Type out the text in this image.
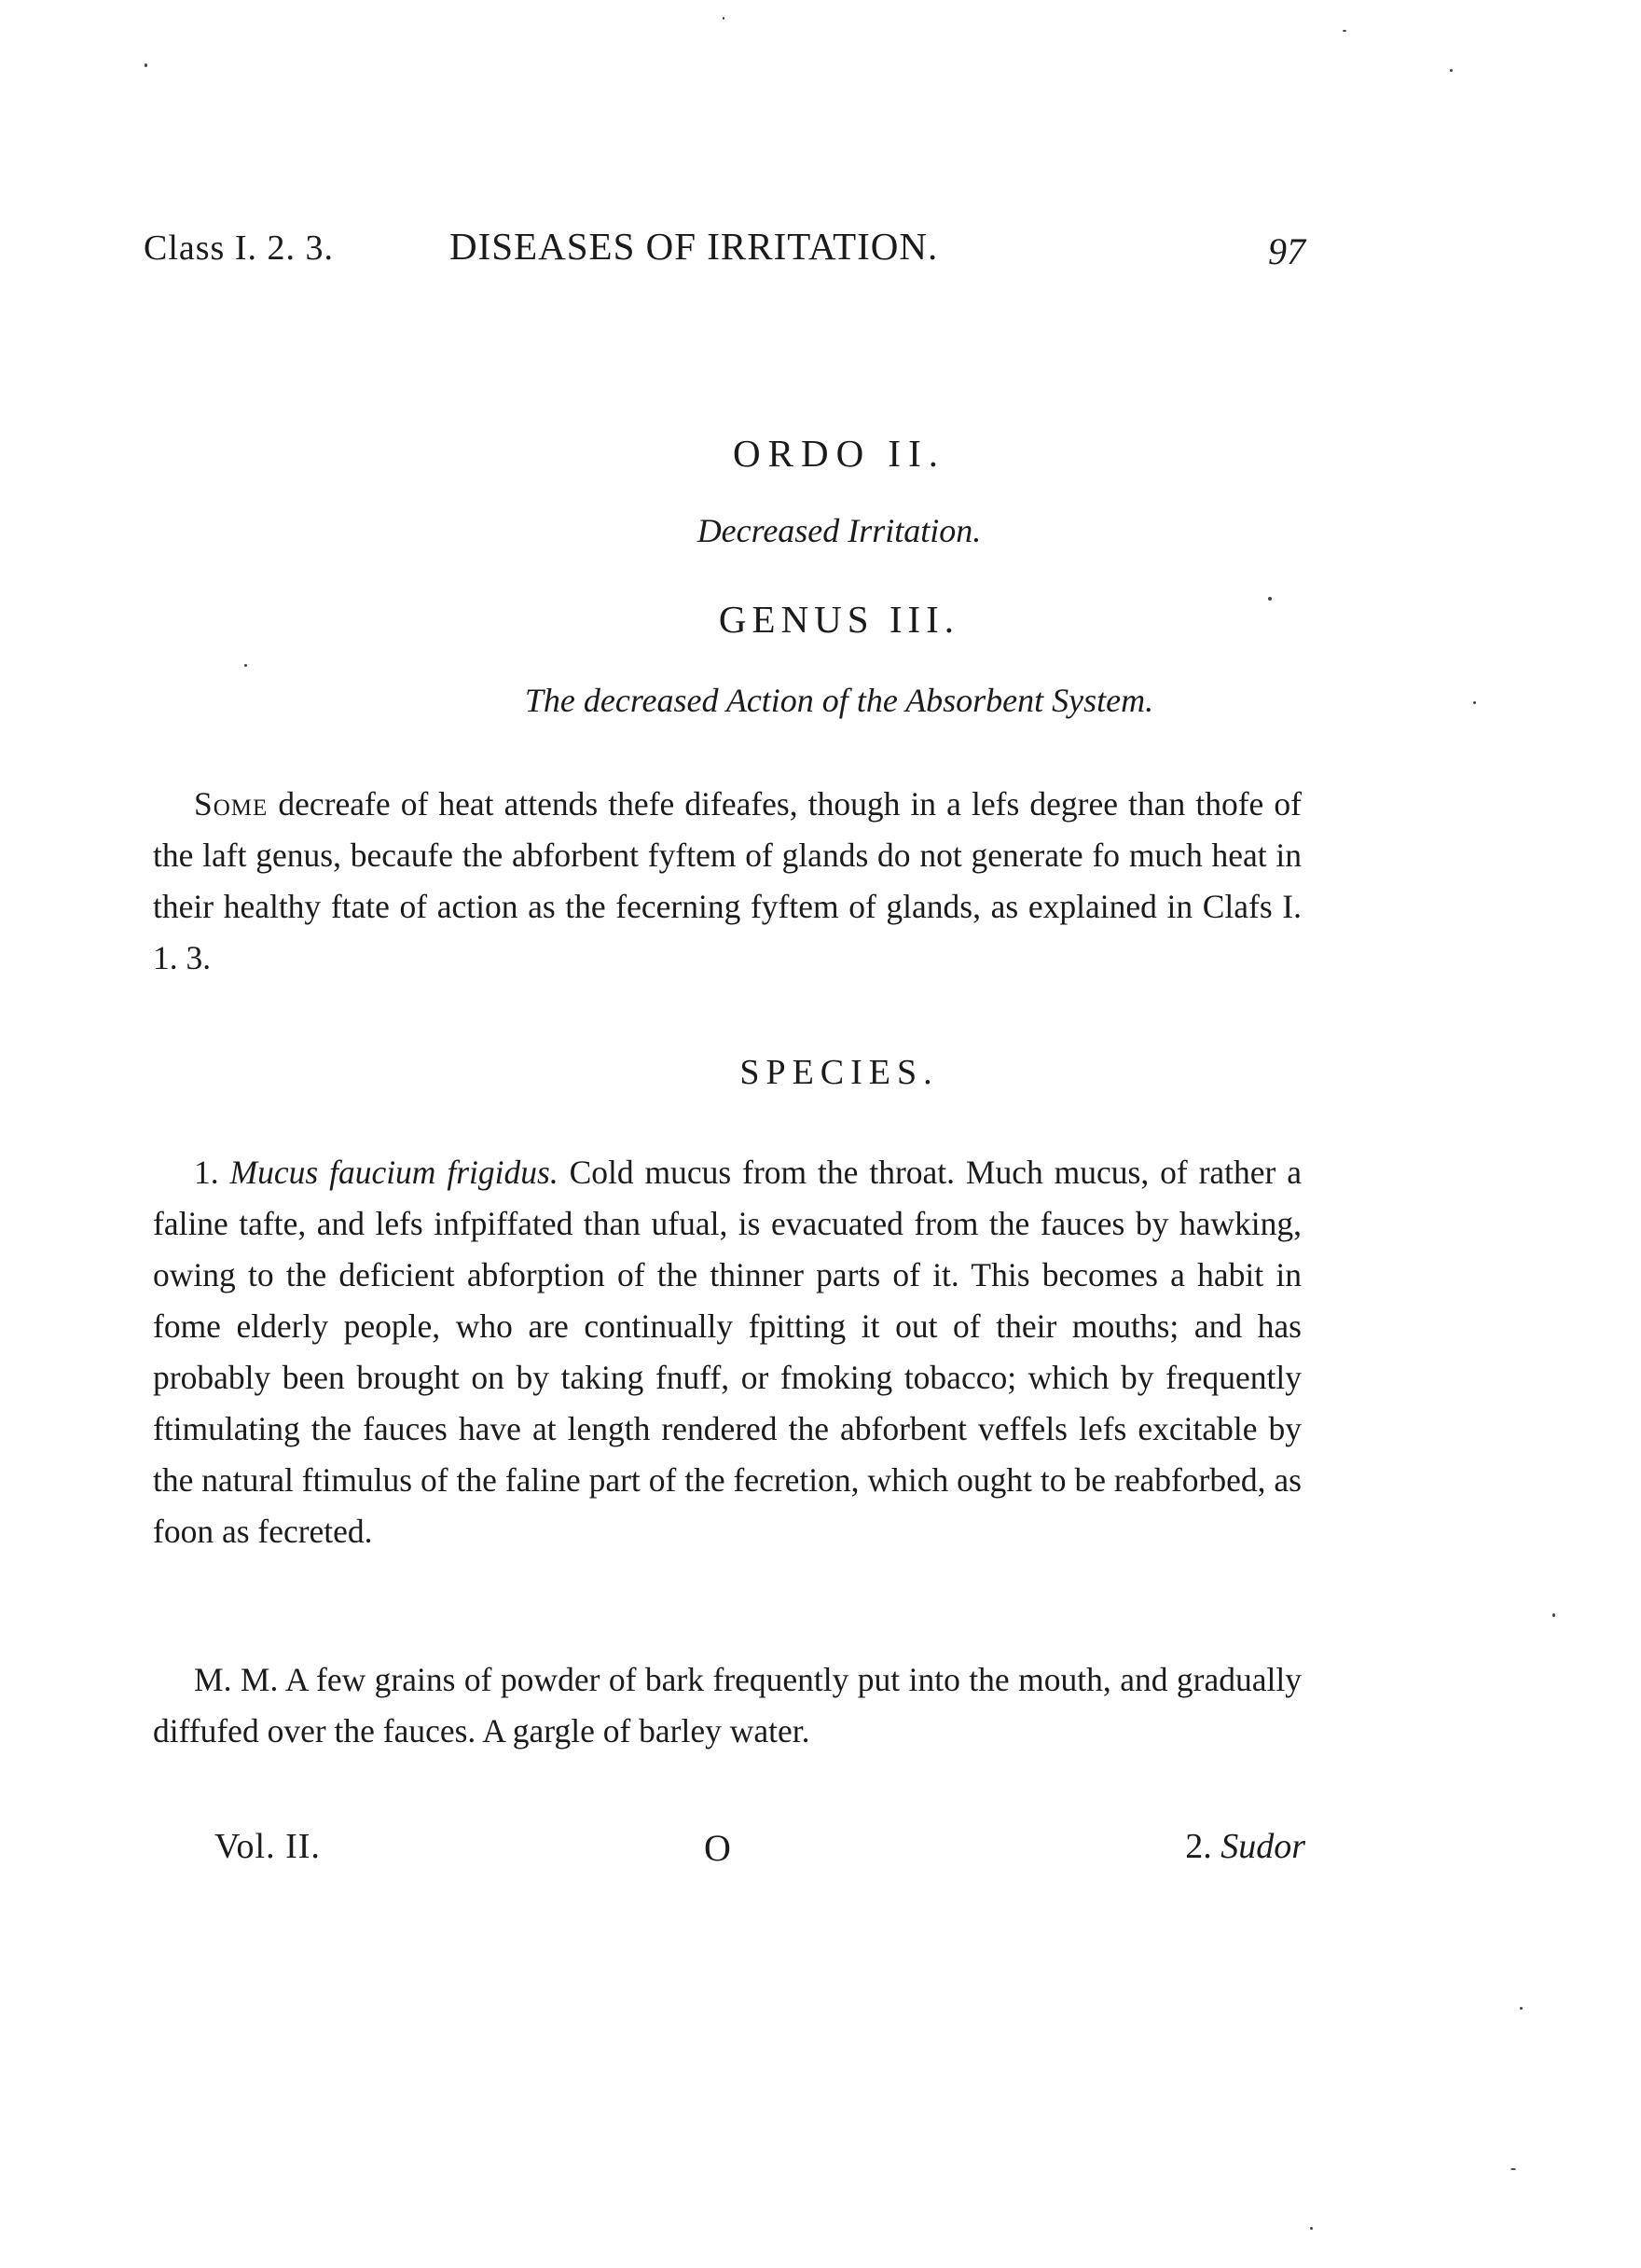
Class I. 2. 3.	DISEASES OF IRRITATION.	97
ORDO II.
Decreased Irritation.
GENUS III.
The decreased Action of the Absorbent System.
Some decreafe of heat attends thefe difeafes, though in a lefs degree than thofe of the laft genus, becaufe the abforbent fyftem of glands do not generate fo much heat in their healthy ftate of action as the fecerning fyftem of glands, as explained in Clafs I. 1. 3.
SPECIES.
1. Mucus faucium frigidus. Cold mucus from the throat. Much mucus, of rather a faline tafte, and lefs infpiffated than ufual, is evacuated from the fauces by hawking, owing to the deficient abforption of the thinner parts of it. This becomes a habit in fome elderly people, who are continually fpitting it out of their mouths; and has probably been brought on by taking fnuff, or fmoking tobacco; which by frequently ftimulating the fauces have at length rendered the abforbent veffels lefs excitable by the natural ftimulus of the faline part of the fecretion, which ought to be reabforbed, as foon as fecreted.
M. M. A few grains of powder of bark frequently put into the mouth, and gradually diffufed over the fauces. A gargle of barley water.
Vol. II.	O	2. Sudor
